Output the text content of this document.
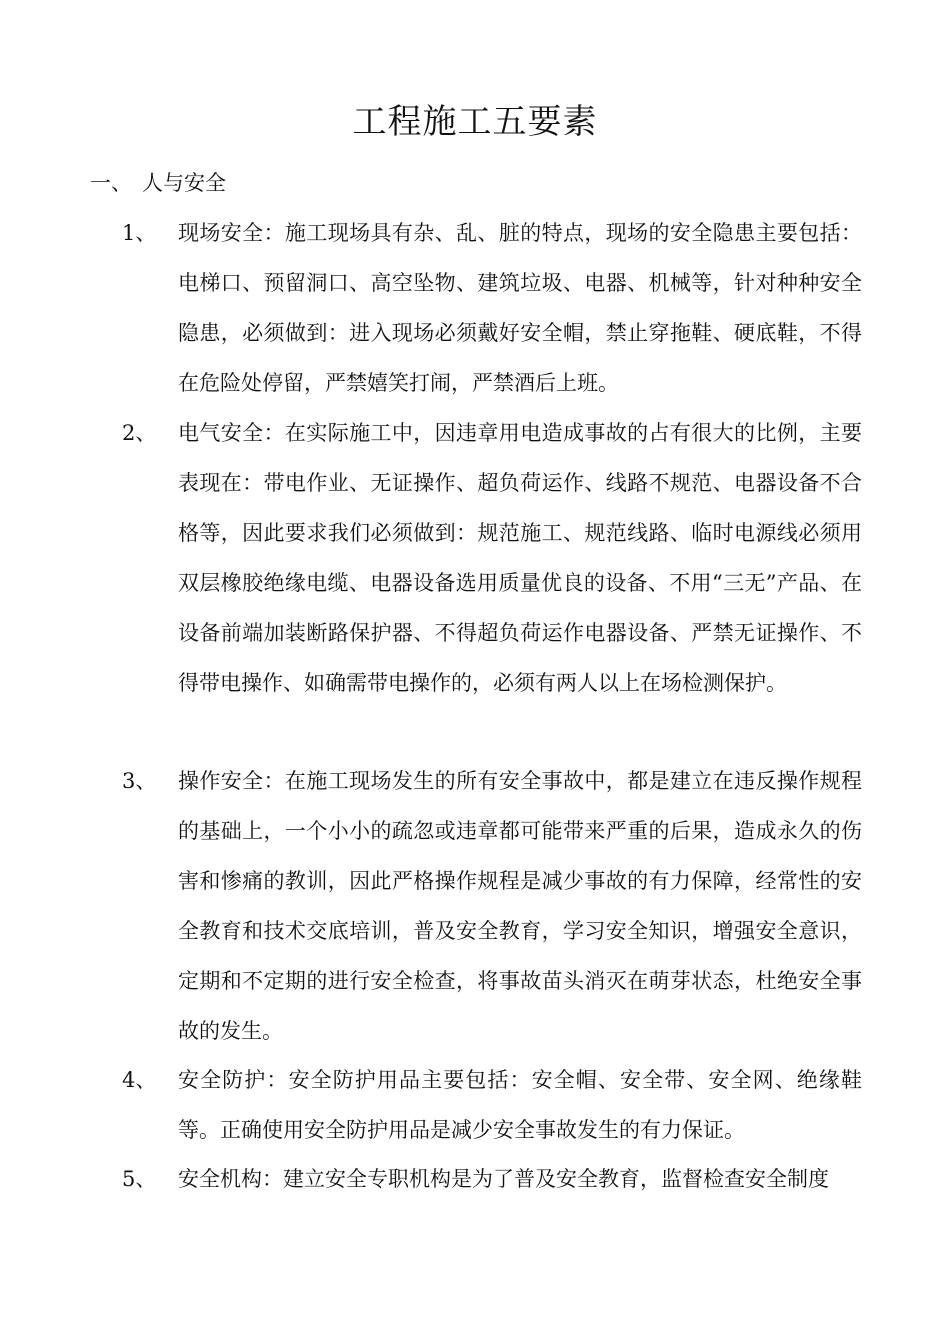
工程施工五要素
一、 人与安全
1、	现场安全：施工现场具有杂、乱、脏的特点，现场的安全隐患主要包括：电梯口、预留洞口、高空坠物、建筑垃圾、电器、机械等，针对种种安全隐患，必须做到：进入现场必须戴好安全帽，禁止穿拖鞋、硬底鞋，不得在危险处停留，严禁嬉笑打闹，严禁酒后上班。
2、	电气安全：在实际施工中，因违章用电造成事故的占有很大的比例，主要表现在：带电作业、无证操作、超负荷运作、线路不规范、电器设备不合格等，因此要求我们必须做到：规范施工、规范线路、临时电源线必须用双层橡胶绝缘电缆、电器设备选用质量优良的设备、不用“三无”产品、在设备前端加装断路保护器、不得超负荷运作电器设备、严禁无证操作、不得带电操作、如确需带电操作的，必须有两人以上在场检测保护。
3、	操作安全：在施工现场发生的所有安全事故中，都是建立在违反操作规程的基础上，一个小小的疏忽或违章都可能带来严重的后果，造成永久的伤害和惨痛的教训，因此严格操作规程是减少事故的有力保障，经常性的安全教育和技术交底培训，普及安全教育，学习安全知识，增强安全意识，定期和不定期的进行安全检查，将事故苗头消灭在萌芽状态，杜绝安全事故的发生。
4、	安全防护：安全防护用品主要包括：安全帽、安全带、安全网、绝缘鞋等。正确使用安全防护用品是减少安全事故发生的有力保证。
5、	安全机构：建立安全专职机构是为了普及安全教育，监督检查安全制度
